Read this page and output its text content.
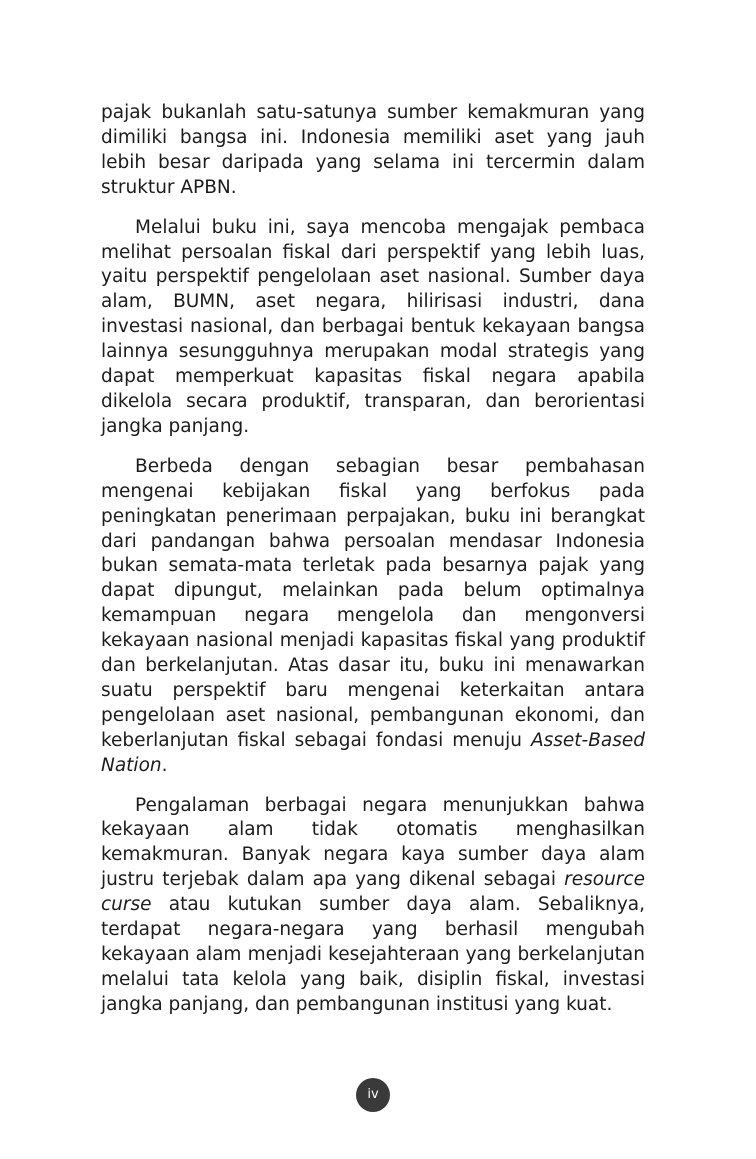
pajak bukanlah satu-satunya sumber kemakmuran yang dimiliki bangsa ini. Indonesia memiliki aset yang jauh lebih besar daripada yang selama ini tercermin dalam struktur APBN.

Melalui buku ini, saya mencoba mengajak pembaca melihat persoalan fiskal dari perspektif yang lebih luas, yaitu perspektif pengelolaan aset nasional. Sumber daya alam, BUMN, aset negara, hilirisasi industri, dana investasi nasional, dan berbagai bentuk kekayaan bangsa lainnya sesungguhnya merupakan modal strategis yang dapat memperkuat kapasitas fiskal negara apabila dikelola secara produktif, transparan, dan berorientasi jangka panjang.

Berbeda dengan sebagian besar pembahasan mengenai kebijakan fiskal yang berfokus pada peningkatan penerimaan perpajakan, buku ini berangkat dari pandangan bahwa persoalan mendasar Indonesia bukan semata-mata terletak pada besarnya pajak yang dapat dipungut, melainkan pada belum optimalnya kemampuan negara mengelola dan mengonversi kekayaan nasional menjadi kapasitas fiskal yang produktif dan berkelanjutan. Atas dasar itu, buku ini menawarkan suatu perspektif baru mengenai keterkaitan antara pengelolaan aset nasional, pembangunan ekonomi, dan keberlanjutan fiskal sebagai fondasi menuju Asset-Based Nation.

Pengalaman berbagai negara menunjukkan bahwa kekayaan alam tidak otomatis menghasilkan kemakmuran. Banyak negara kaya sumber daya alam justru terjebak dalam apa yang dikenal sebagai resource curse atau kutukan sumber daya alam. Sebaliknya, terdapat negara-negara yang berhasil mengubah kekayaan alam menjadi kesejahteraan yang berkelanjutan melalui tata kelola yang baik, disiplin fiskal, investasi jangka panjang, dan pembangunan institusi yang kuat.

iv
